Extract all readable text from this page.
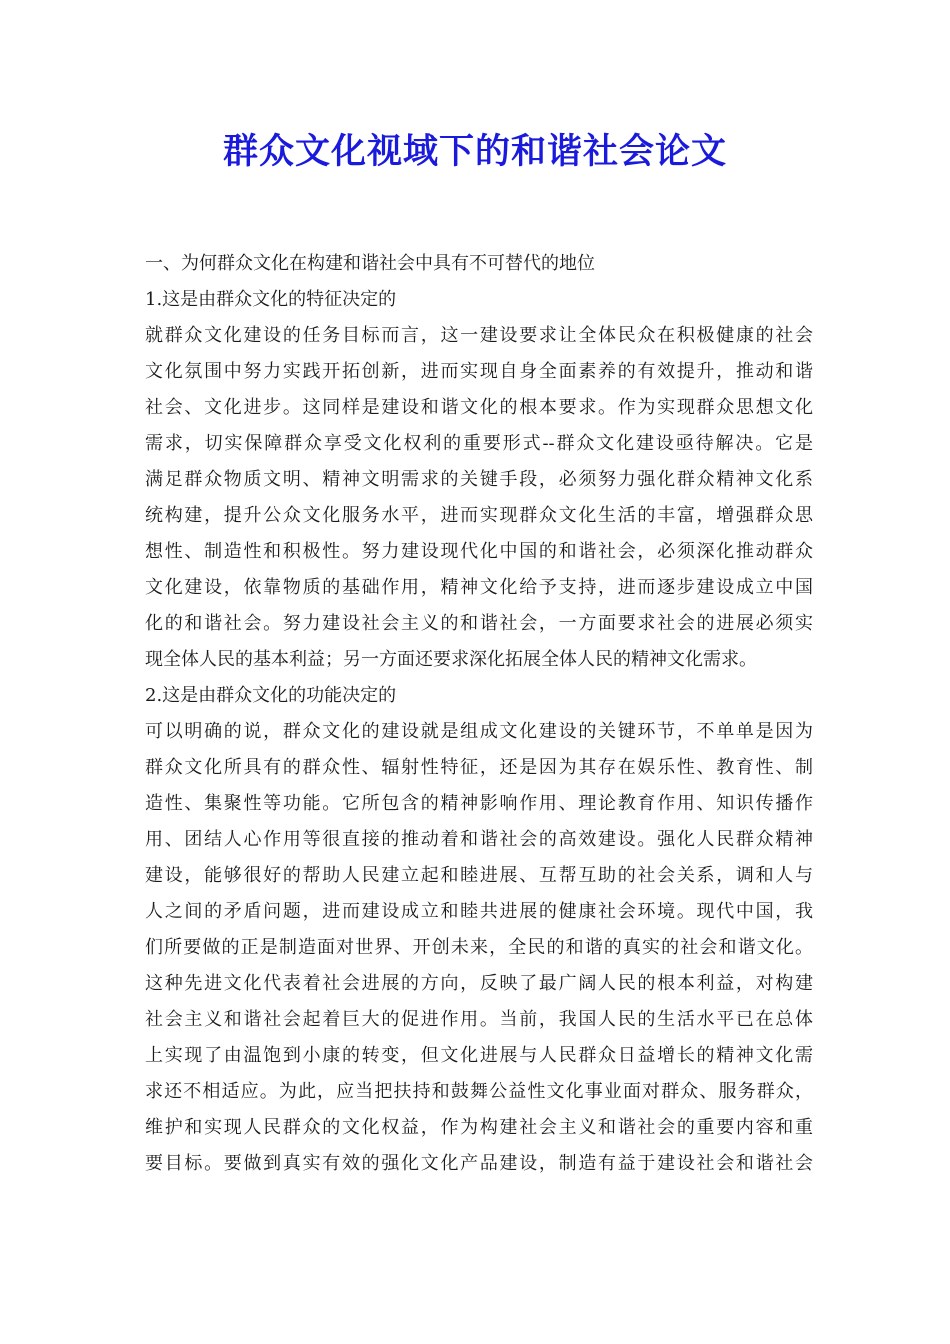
群众文化视域下的和谐社会论文
一、为何群众文化在构建和谐社会中具有不可替代的地位
1.这是由群众文化的特征决定的
就群众文化建设的任务目标而言，这一建设要求让全体民众在积极健康的社会
文化氛围中努力实践开拓创新，进而实现自身全面素养的有效提升，推动和谐
社会、文化进步。这同样是建设和谐文化的根本要求。作为实现群众思想文化
需求，切实保障群众享受文化权利的重要形式--群众文化建设亟待解决。它是
满足群众物质文明、精神文明需求的关键手段，必须努力强化群众精神文化系
统构建，提升公众文化服务水平，进而实现群众文化生活的丰富，增强群众思
想性、制造性和积极性。努力建设现代化中国的和谐社会，必须深化推动群众
文化建设，依靠物质的基础作用，精神文化给予支持，进而逐步建设成立中国
化的和谐社会。努力建设社会主义的和谐社会，一方面要求社会的进展必须实
现全体人民的基本利益；另一方面还要求深化拓展全体人民的精神文化需求。
2.这是由群众文化的功能决定的
可以明确的说，群众文化的建设就是组成文化建设的关键环节，不单单是因为
群众文化所具有的群众性、辐射性特征，还是因为其存在娱乐性、教育性、制
造性、集聚性等功能。它所包含的精神影响作用、理论教育作用、知识传播作
用、团结人心作用等很直接的推动着和谐社会的高效建设。强化人民群众精神
建设，能够很好的帮助人民建立起和睦进展、互帮互助的社会关系，调和人与
人之间的矛盾问题，进而建设成立和睦共进展的健康社会环境。现代中国，我
们所要做的正是制造面对世界、开创未来，全民的和谐的真实的社会和谐文化。
这种先进文化代表着社会进展的方向，反映了最广阔人民的根本利益，对构建
社会主义和谐社会起着巨大的促进作用。当前，我国人民的生活水平已在总体
上实现了由温饱到小康的转变，但文化进展与人民群众日益增长的精神文化需
求还不相适应。为此，应当把扶持和鼓舞公益性文化事业面对群众、服务群众，
维护和实现人民群众的文化权益，作为构建社会主义和谐社会的重要内容和重
要目标。要做到真实有效的强化文化产品建设，制造有益于建设社会和谐社会
